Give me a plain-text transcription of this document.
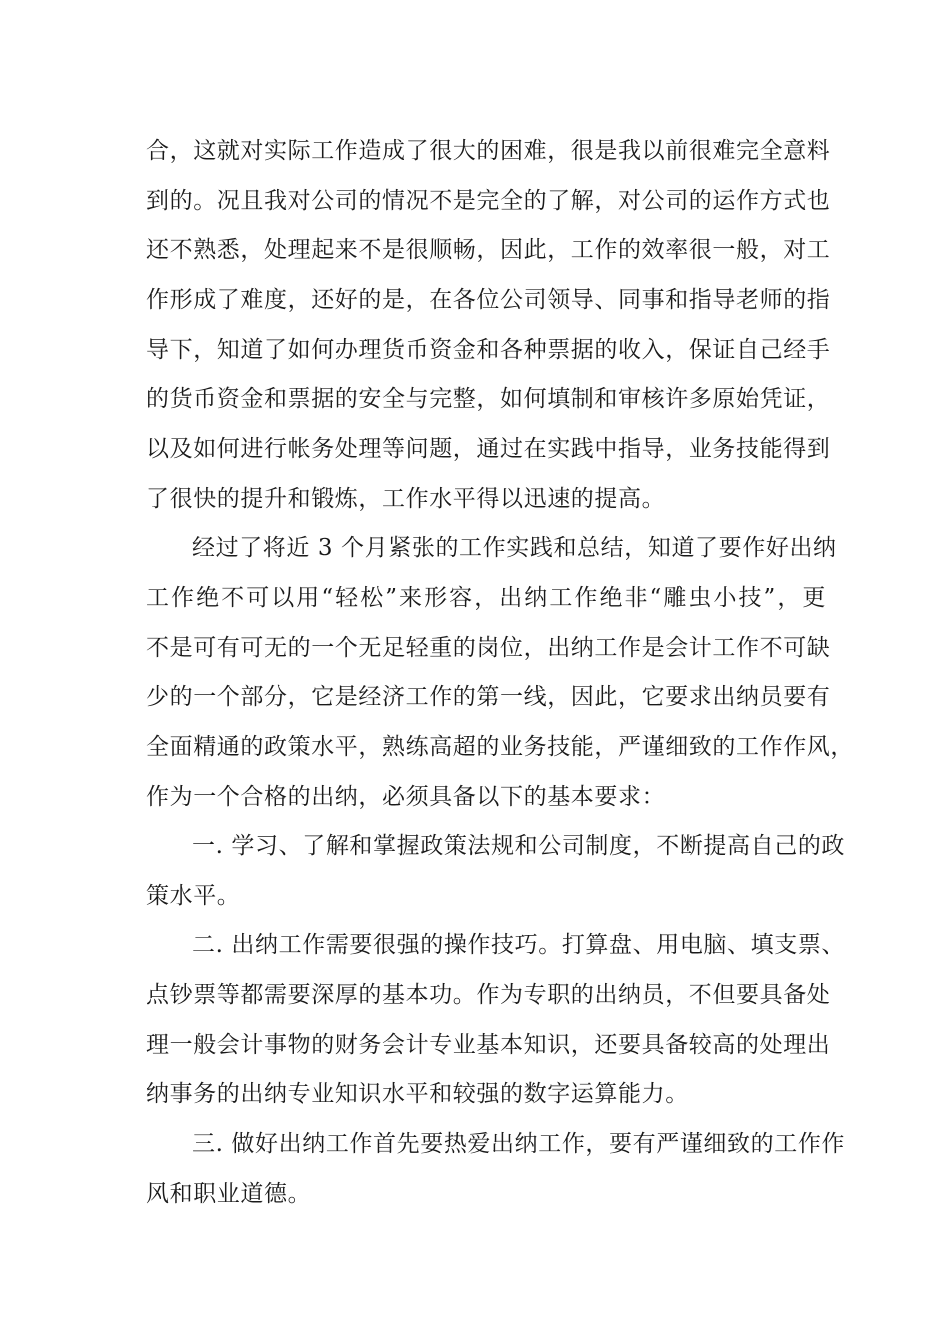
合，这就对实际工作造成了很大的困难，很是我以前很难完全意料
到的。况且我对公司的情况不是完全的了解，对公司的运作方式也
还不熟悉，处理起来不是很顺畅，因此，工作的效率很一般，对工
作形成了难度，还好的是，在各位公司领导、同事和指导老师的指
导下，知道了如何办理货币资金和各种票据的收入，保证自己经手
的货币资金和票据的安全与完整，如何填制和审核许多原始凭证，
以及如何进行帐务处理等问题，通过在实践中指导，业务技能得到
了很快的提升和锻炼，工作水平得以迅速的提高。
经过了将近 3 个月紧张的工作实践和总结，知道了要作好出纳
工作绝不可以用“轻松”来形容，出纳工作绝非“雕虫小技”，更
不是可有可无的一个无足轻重的岗位，出纳工作是会计工作不可缺
少的一个部分，它是经济工作的第一线，因此，它要求出纳员要有
全面精通的政策水平，熟练高超的业务技能，严谨细致的工作作风，
作为一个合格的出纳，必须具备以下的基本要求：
一. 学习、了解和掌握政策法规和公司制度，不断提高自己的政
策水平。
二. 出纳工作需要很强的操作技巧。打算盘、用电脑、填支票、
点钞票等都需要深厚的基本功。作为专职的出纳员，不但要具备处
理一般会计事物的财务会计专业基本知识，还要具备较高的处理出
纳事务的出纳专业知识水平和较强的数字运算能力。
三. 做好出纳工作首先要热爱出纳工作，要有严谨细致的工作作
风和职业道德。
